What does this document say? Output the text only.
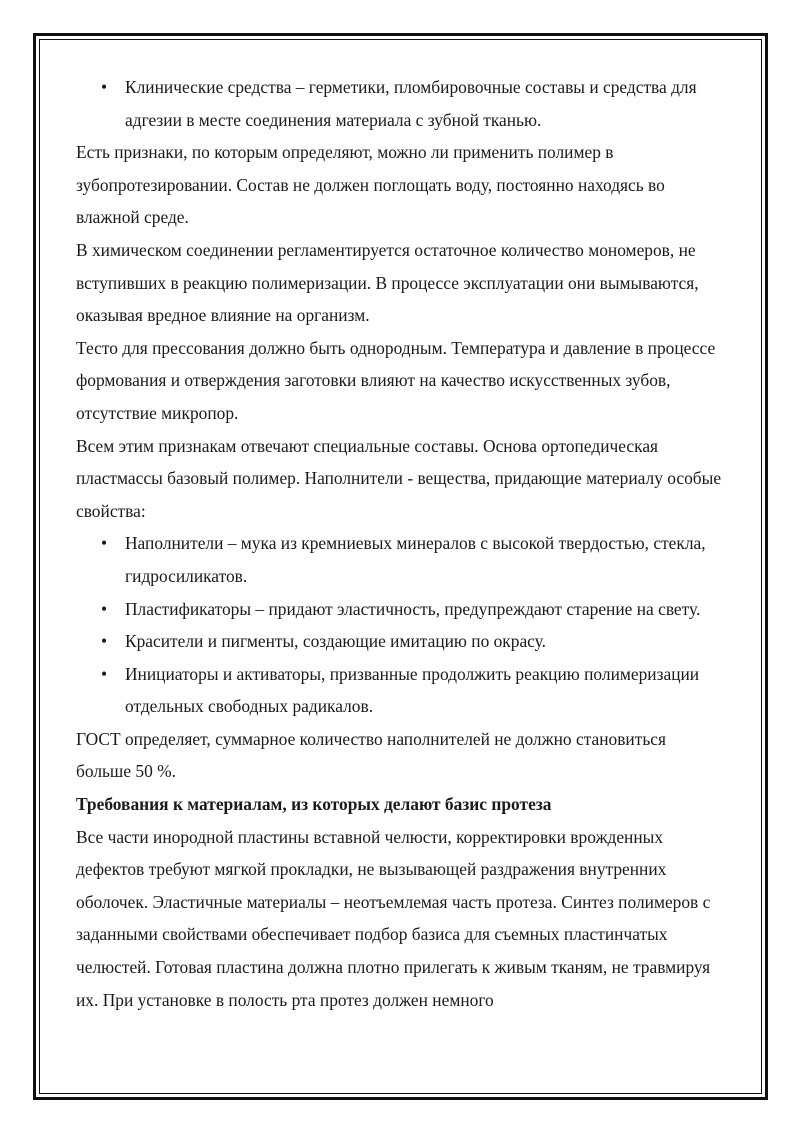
• Клинические средства – герметики, пломбировочные составы и средства для адгезии в месте соединения материала с зубной тканью.

Есть признаки, по которым определяют, можно ли применить полимер в зубопротезировании. Состав не должен поглощать воду, постоянно находясь во влажной среде.

В химическом соединении регламентируется остаточное количество мономеров, не вступивших в реакцию полимеризации. В процессе эксплуатации они вымываются, оказывая вредное влияние на организм.

Тесто для прессования должно быть однородным. Температура и давление в процессе формования и отверждения заготовки влияют на качество искусственных зубов, отсутствие микропор.

Всем этим признакам отвечают специальные составы. Основа ортопедическая пластмассы базовый полимер. Наполнители - вещества, придающие материалу особые свойства:

• Наполнители – мука из кремниевых минералов с высокой твердостью, стекла, гидросиликатов.
• Пластификаторы – придают эластичность, предупреждают старение на свету.
• Красители и пигменты, создающие имитацию по окрасу.
• Инициаторы и активаторы, призванные продолжить реакцию полимеризации отдельных свободных радикалов.

ГОСТ определяет, суммарное количество наполнителей не должно становиться больше 50 %.

Требования к материалам, из которых делают базис протеза

Все части инородной пластины вставной челюсти, корректировки врожденных дефектов требуют мягкой прокладки, не вызывающей раздражения внутренних оболочек. Эластичные материалы – неотъемлемая часть протеза. Синтез полимеров с заданными свойствами обеспечивает подбор базиса для съемных пластинчатых челюстей. Готовая пластина должна плотно прилегать к живым тканям, не травмируя их. При установке в полость рта протез должен немного
